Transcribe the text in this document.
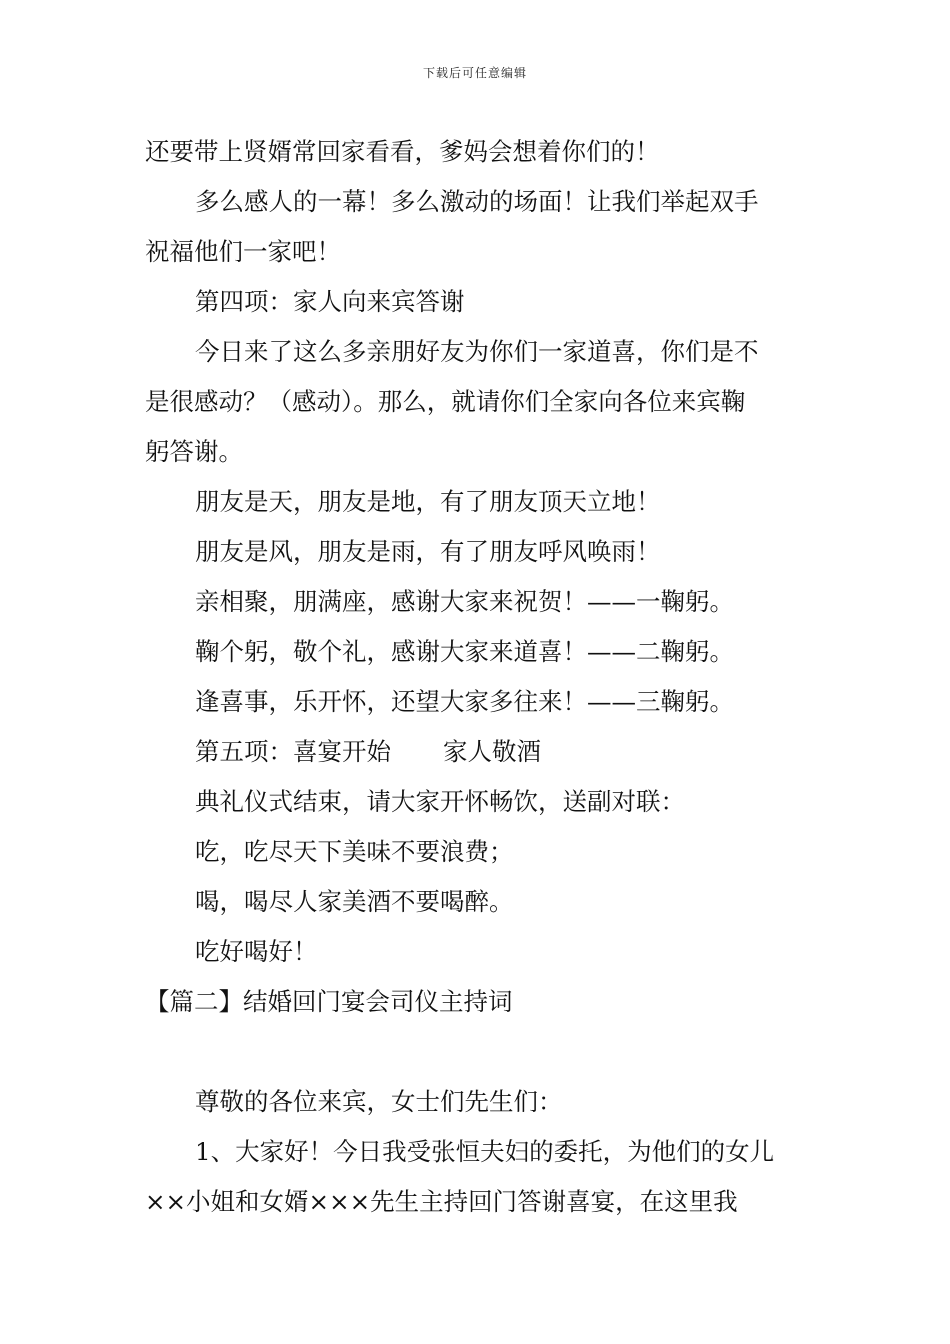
下载后可任意编辑
还要带上贤婿常回家看看，爹妈会想着你们的！
多么感人的一幕！多么激动的场面！让我们举起双手
祝福他们一家吧！
第四项：家人向来宾答谢
今日来了这么多亲朋好友为你们一家道喜，你们是不
是很感动？（感动）。那么，就请你们全家向各位来宾鞠
躬答谢。
朋友是天，朋友是地，有了朋友顶天立地！
朋友是风，朋友是雨，有了朋友呼风唤雨！
亲相聚，朋满座，感谢大家来祝贺！——一鞠躬。
鞠个躬，敬个礼，感谢大家来道喜！——二鞠躬。
逢喜事，乐开怀，还望大家多往来！——三鞠躬。
第五项：喜宴开始 家人敬酒
典礼仪式结束，请大家开怀畅饮，送副对联：
吃，吃尽天下美味不要浪费；
喝，喝尽人家美酒不要喝醉。
吃好喝好！
【篇二】结婚回门宴会司仪主持词
尊敬的各位来宾，女士们先生们：
1、大家好！今日我受张恒夫妇的委托，为他们的女儿
××小姐和女婿×××先生主持回门答谢喜宴，在这里我
